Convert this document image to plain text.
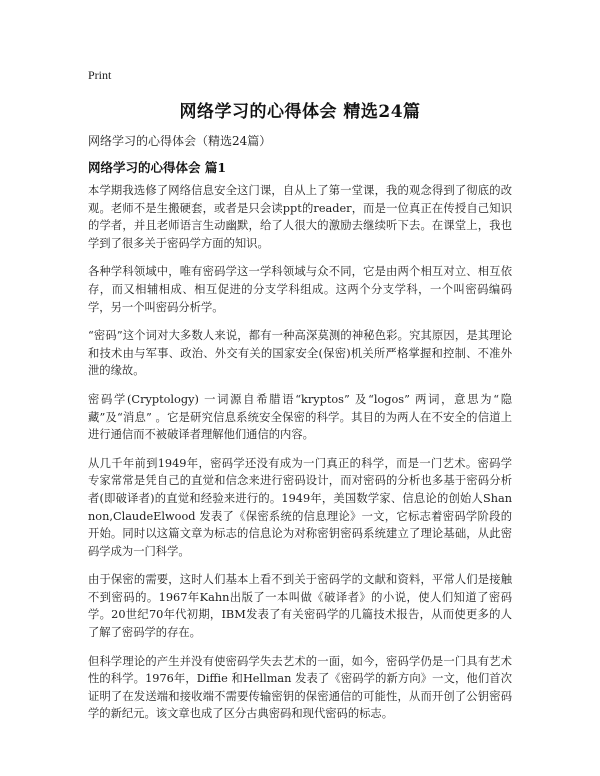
Print
网络学习的心得体会 精选24篇
网络学习的心得体会（精选24篇）
网络学习的心得体会 篇1

本学期我选修了网络信息安全这门课，自从上了第一堂课，我的观念得到了彻底的改观。老师不是生搬硬套，或者是只会读ppt的reader，而是一位真正在传授自己知识的学者，并且老师语言生动幽默，给了人很大的激励去继续听下去。在课堂上，我也学到了很多关于密码学方面的知识。

各种学科领域中，唯有密码学这一学科领域与众不同，它是由两个相互对立、相互依存，而又相辅相成、相互促进的分支学科组成。这两个分支学科，一个叫密码编码学，另一个叫密码分析学。

“密码”这个词对大多数人来说，都有一种高深莫测的神秘色彩。究其原因，是其理论和技术由与军事、政治、外交有关的国家安全(保密)机关所严格掌握和控制、不准外泄的缘故。

密码学(Cryptology) 一词源自希腊语“kryptos” 及“logos” 两词，意思为“隐藏”及“消息” 。它是研究信息系统安全保密的科学。其目的为两人在不安全的信道上进行通信而不被破译者理解他们通信的内容。

从几千年前到1949年，密码学还没有成为一门真正的科学，而是一门艺术。密码学专家常常是凭自己的直觉和信念来进行密码设计，而对密码的分析也多基于密码分析者(即破译者)的直觉和经验来进行的。1949年，美国数学家、信息论的创始人Shannon,ClaudeElwood 发表了《保密系统的信息理论》一文，它标志着密码学阶段的开始。同时以这篇文章为标志的信息论为对称密钥密码系统建立了理论基础，从此密码学成为一门科学。

由于保密的需要，这时人们基本上看不到关于密码学的文献和资料，平常人们是接触不到密码的。1967年Kahn出版了一本叫做《破译者》的小说，使人们知道了密码学。20世纪70年代初期，IBM发表了有关密码学的几篇技术报告，从而使更多的人了解了密码学的存在。

但科学理论的产生并没有使密码学失去艺术的一面，如今，密码学仍是一门具有艺术性的科学。1976年，Diffie 和Hellman 发表了《密码学的新方向》一文，他们首次证明了在发送端和接收端不需要传输密钥的保密通信的可能性，从而开创了公钥密码学的新纪元。该文章也成了区分古典密码和现代密码的标志。
